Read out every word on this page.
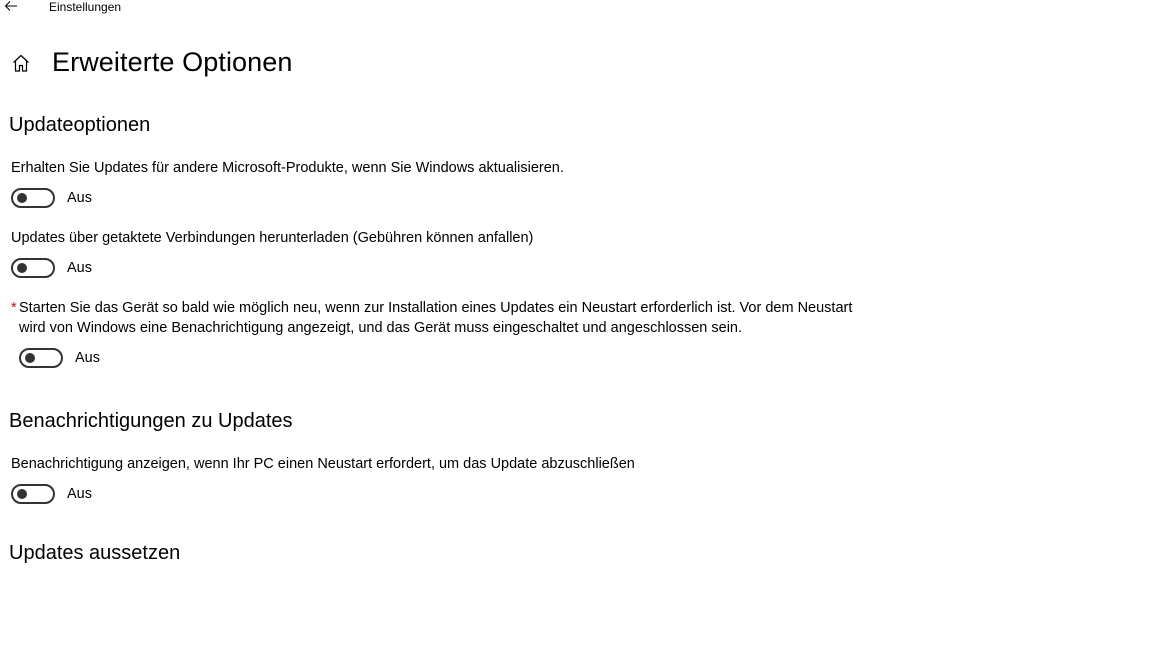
Einstellungen
Erweiterte Optionen
Updateoptionen
Erhalten Sie Updates für andere Microsoft-Produkte, wenn Sie Windows aktualisieren.
Aus
Updates über getaktete Verbindungen herunterladen (Gebühren können anfallen)
Aus
* Starten Sie das Gerät so bald wie möglich neu, wenn zur Installation eines Updates ein Neustart erforderlich ist. Vor dem Neustart
wird von Windows eine Benachrichtigung angezeigt, und das Gerät muss eingeschaltet und angeschlossen sein.
Aus
Benachrichtigungen zu Updates
Benachrichtigung anzeigen, wenn Ihr PC einen Neustart erfordert, um das Update abzuschließen
Aus
Updates aussetzen
